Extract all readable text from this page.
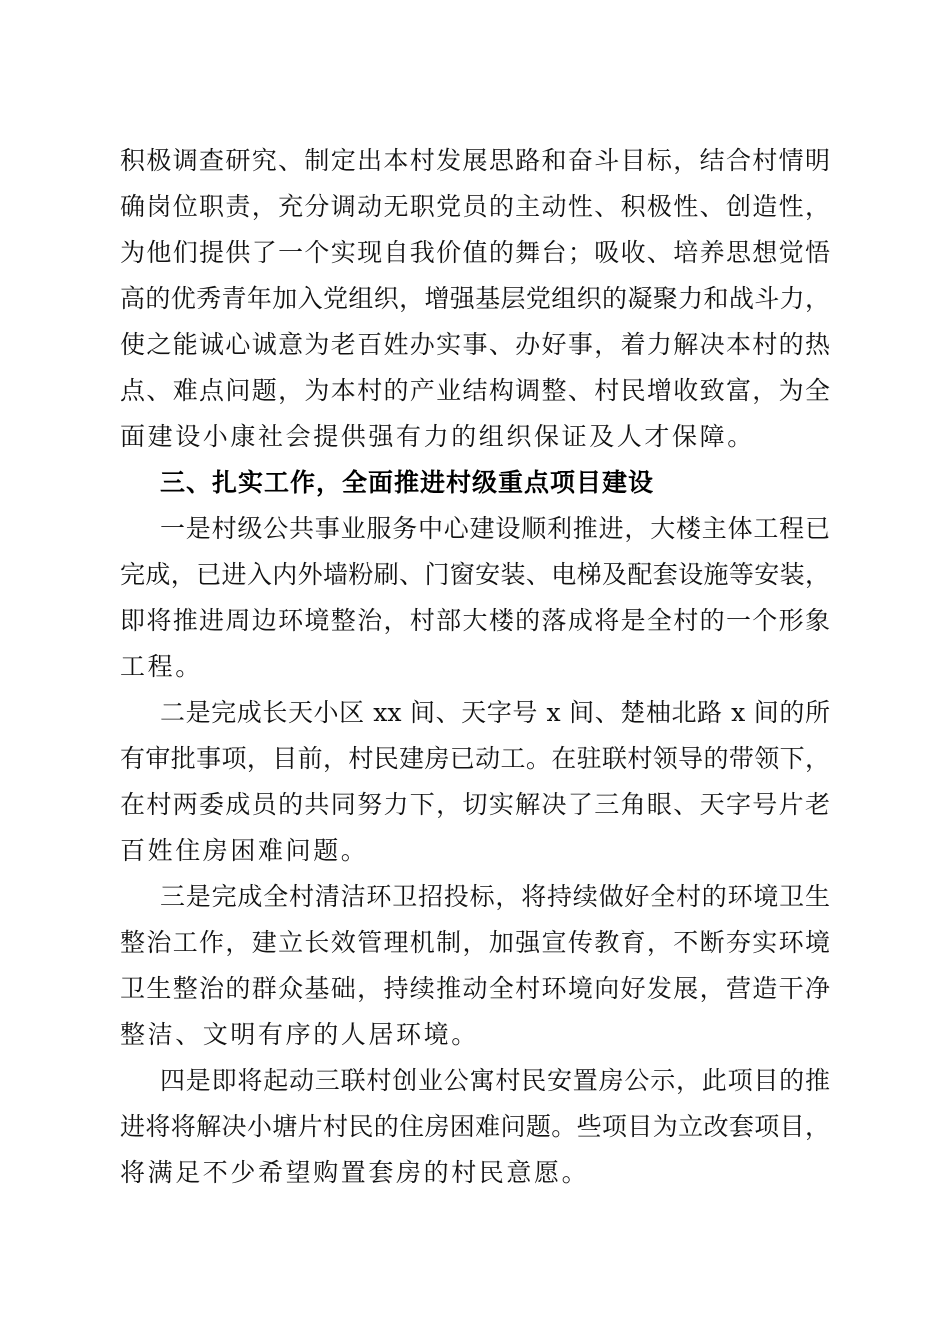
积极调查研究、制定出本村发展思路和奋斗目标，结合村情明
确岗位职责，充分调动无职党员的主动性、积极性、创造性，
为他们提供了一个实现自我价值的舞台；吸收、培养思想觉悟
高的优秀青年加入党组织，增强基层党组织的凝聚力和战斗力，
使之能诚心诚意为老百姓办实事、办好事，着力解决本村的热
点、难点问题，为本村的产业结构调整、村民增收致富，为全
面建设小康社会提供强有力的组织保证及人才保障。
三、扎实工作，全面推进村级重点项目建设
一是村级公共事业服务中心建设顺利推进，大楼主体工程已
完成，已进入内外墙粉刷、门窗安装、电梯及配套设施等安装，
即将推进周边环境整治，村部大楼的落成将是全村的一个形象
工程。
二是完成长天小区 xx 间、天字号 x 间、楚柚北路 x 间的所
有审批事项，目前，村民建房已动工。在驻联村领导的带领下，
在村两委成员的共同努力下，切实解决了三角眼、天字号片老
百姓住房困难问题。
三是完成全村清洁环卫招投标，将持续做好全村的环境卫生
整治工作，建立长效管理机制，加强宣传教育，不断夯实环境
卫生整治的群众基础，持续推动全村环境向好发展，营造干净
整洁、文明有序的人居环境。
四是即将起动三联村创业公寓村民安置房公示，此项目的推
进将将解决小塘片村民的住房困难问题。些项目为立改套项目，
将满足不少希望购置套房的村民意愿。
